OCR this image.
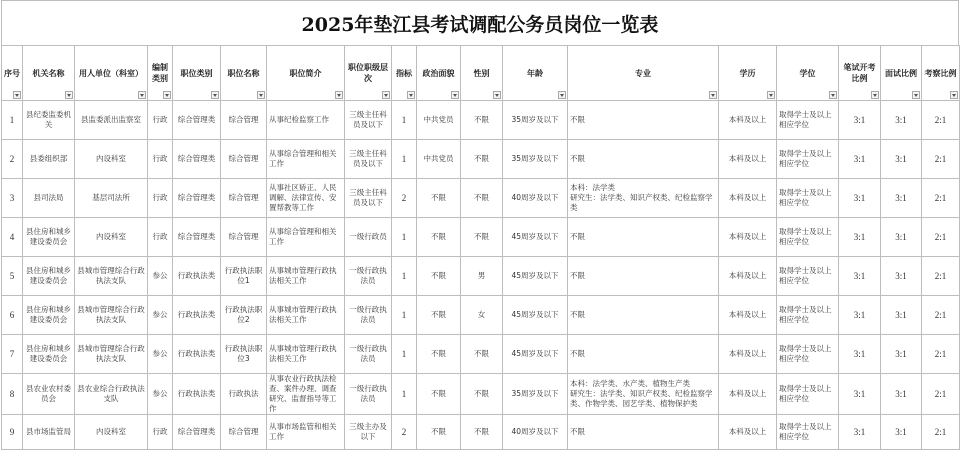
2025年垫江县考试调配公务员岗位一览表
序号	机关名称	用人单位（科室）	编制类别	职位类别	职位名称	职位简介	职位职级层次	指标	政治面貌	性别	年龄	专业	学历	学位	笔试开考比例	面试比例	考察比例

1	县纪委监委机关	县监委派出监察室	行政	综合管理类	综合管理	从事纪检监察工作	三级主任科员及以下	1	中共党员	不限	35周岁及以下	不限	本科及以上	取得学士及以上相应学位	3:1	3:1	2:1
2	县委组织部	内设科室	行政	综合管理类	综合管理	从事综合管理和相关工作	三级主任科员及以下	1	中共党员	不限	35周岁及以下	不限	本科及以上	取得学士及以上相应学位	3:1	3:1	2:1
3	县司法局	基层司法所	行政	综合管理类	综合管理	从事社区矫正、人民调解、法律宣传、安置帮教等工作	三级主任科员及以下	2	不限	不限	40周岁及以下	本科：法学类
研究生：法学类、知识产权类、纪检监察学类	本科及以上	取得学士及以上相应学位	3:1	3:1	2:1
4	县住房和城乡建设委员会	内设科室	行政	综合管理类	综合管理	从事综合管理和相关工作	一级行政员	1	不限	不限	45周岁及以下	不限	本科及以上	取得学士及以上相应学位	3:1	3:1	2:1
5	县住房和城乡建设委员会	县城市管理综合行政执法支队	参公	行政执法类	行政执法职位1	从事城市管理行政执法相关工作	一级行政执法员	1	不限	男	45周岁及以下	不限	本科及以上	取得学士及以上相应学位	3:1	3:1	2:1
6	县住房和城乡建设委员会	县城市管理综合行政执法支队	参公	行政执法类	行政执法职位2	从事城市管理行政执法相关工作	一级行政执法员	1	不限	女	45周岁及以下	不限	本科及以上	取得学士及以上相应学位	3:1	3:1	2:1
7	县住房和城乡建设委员会	县城市管理综合行政执法支队	参公	行政执法类	行政执法职位3	从事城市管理行政执法相关工作	一级行政执法员	1	不限	不限	45周岁及以下	不限	本科及以上	取得学士及以上相应学位	3:1	3:1	2:1
8	县农业农村委员会	县农业综合行政执法支队	参公	行政执法类	行政执法	从事农业行政执法检查、案件办理、调查研究、监督指导等工作	一级行政执法员	1	不限	不限	35周岁及以下	本科：法学类、水产类、植物生产类
研究生：法学类、知识产权类、纪检监察学类、作物学类、园艺学类、植物保护类	本科及以上	取得学士及以上相应学位	3:1	3:1	2:1
9	县市场监管局	内设科室	行政	综合管理类	综合管理	从事市场监管和相关工作	三级主办及以下	2	不限	不限	40周岁及以下	不限	本科及以上	取得学士及以上相应学位	3:1	3:1	2:1
